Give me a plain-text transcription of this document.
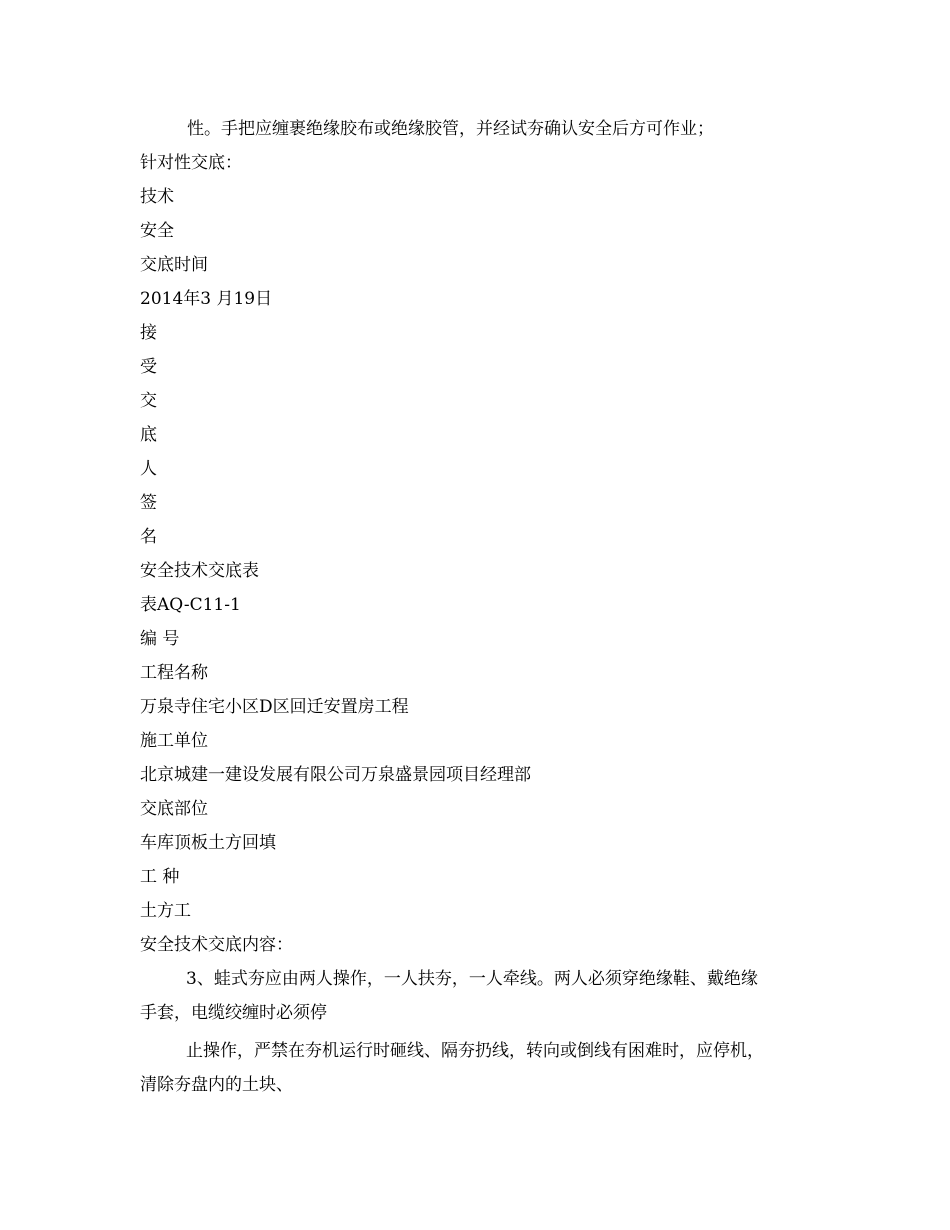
性。手把应缠裹绝缘胶布或绝缘胶管，并经试夯确认安全后方可作业；
针对性交底：
技术
安全
交底时间
2014年3 月19日
接
受
交
底
人
签
名
安全技术交底表
表AQ-C11-1
编 号
工程名称
万泉寺住宅小区D区回迁安置房工程
施工单位
北京城建一建设发展有限公司万泉盛景园项目经理部
交底部位
车库顶板土方回填
工 种
土方工
安全技术交底内容：
3、蛙式夯应由两人操作，一人扶夯，一人牵线。两人必须穿绝缘鞋、戴绝缘
手套，电缆绞缠时必须停
止操作，严禁在夯机运行时砸线、隔夯扔线，转向或倒线有困难时，应停机，
清除夯盘内的土块、
